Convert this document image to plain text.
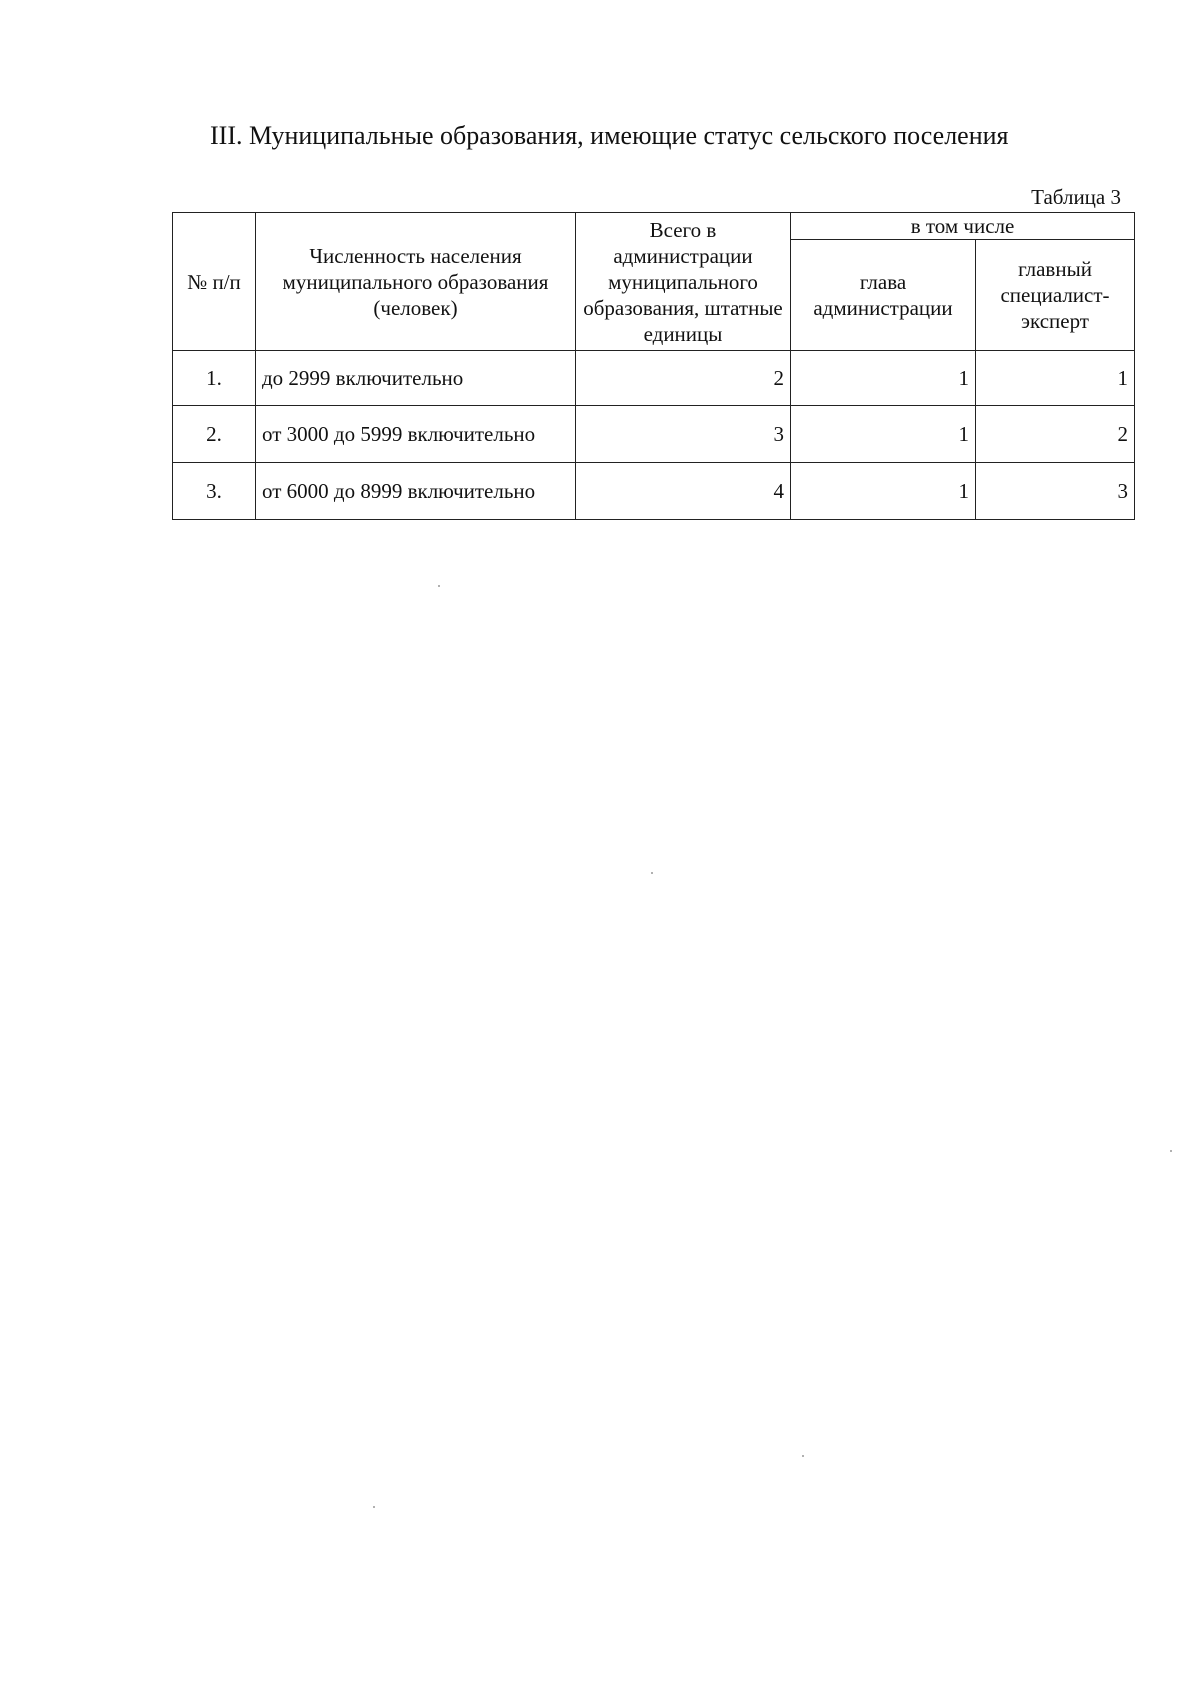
III. Муниципальные образования, имеющие статус сельского поселения
Таблица 3
№ п/п	Численность населения муниципального образования (человек)	Всего в администрации муниципального образования, штатные единицы	в том числе	
			глава администрации	главный специалист-эксперт
1.	до 2999 включительно	2	1	1
2.	от 3000 до 5999 включительно	3	1	2
3.	от 6000 до 8999 включительно	4	1	3
